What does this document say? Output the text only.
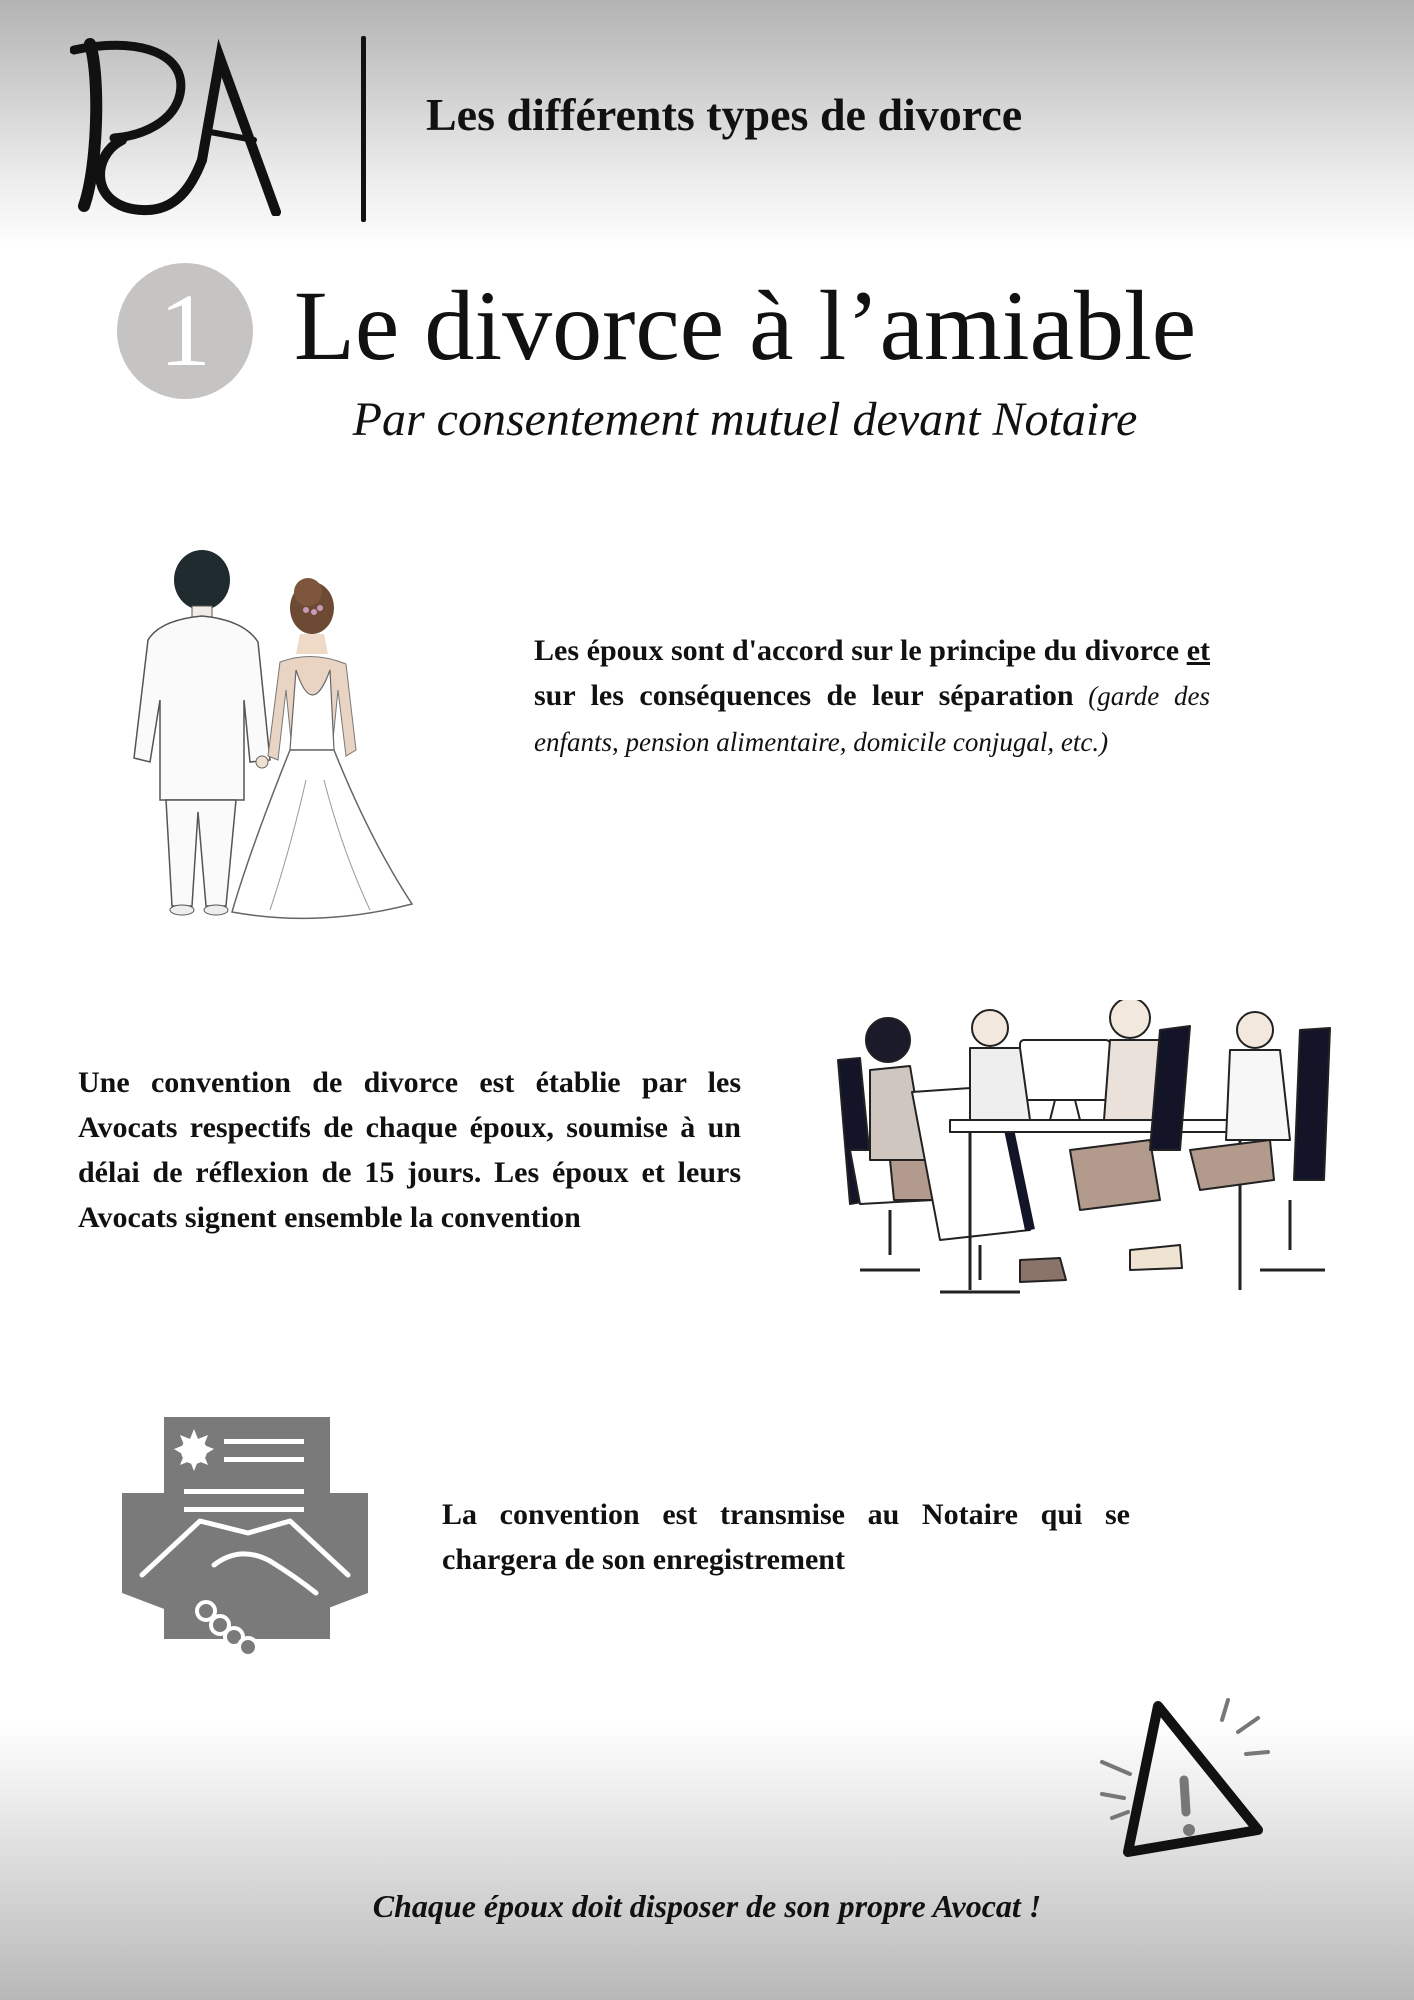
Les différents types de divorce
1 Le divorce à l’amiable
Par consentement mutuel devant Notaire
Les époux sont d'accord sur le principe du divorce et sur les conséquences de leur séparation (garde des enfants, pension alimentaire, domicile conjugal, etc.)
Une convention de divorce est établie par les Avocats respectifs de chaque époux, soumise à un délai de réflexion de 15 jours. Les époux et leurs Avocats signent ensemble la convention
La convention est transmise au Notaire qui se chargera de son enregistrement
Chaque époux doit disposer de son propre Avocat !
